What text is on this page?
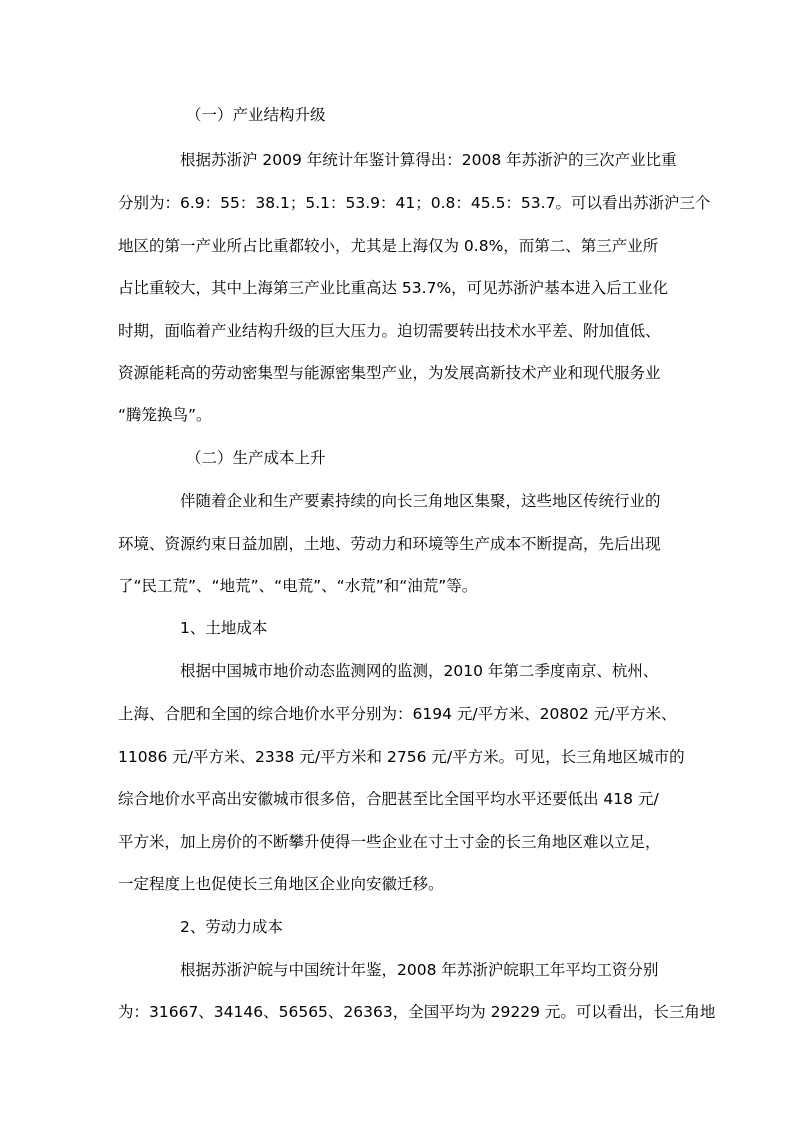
（一）产业结构升级
根据苏浙沪 2009 年统计年鉴计算得出：2008 年苏浙沪的三次产业比重
分别为：6.9：55：38.1；5.1：53.9：41；0.8：45.5：53.7。可以看出苏浙沪三个
地区的第一产业所占比重都较小，尤其是上海仅为 0.8%，而第二、第三产业所
占比重较大，其中上海第三产业比重高达 53.7%，可见苏浙沪基本进入后工业化
时期，面临着产业结构升级的巨大压力。迫切需要转出技术水平差、附加值低、
资源能耗高的劳动密集型与能源密集型产业，为发展高新技术产业和现代服务业
“腾笼换鸟”。
（二）生产成本上升
伴随着企业和生产要素持续的向长三角地区集聚，这些地区传统行业的
环境、资源约束日益加剧，土地、劳动力和环境等生产成本不断提高，先后出现
了“民工荒”、“地荒”、“电荒”、“水荒”和“油荒”等。
1、土地成本
根据中国城市地价动态监测网的监测，2010 年第二季度南京、杭州、
上海、合肥和全国的综合地价水平分别为：6194 元/平方米、20802 元/平方米、
11086 元/平方米、2338 元/平方米和 2756 元/平方米。可见，长三角地区城市的
综合地价水平高出安徽城市很多倍，合肥甚至比全国平均水平还要低出 418 元/
平方米，加上房价的不断攀升使得一些企业在寸土寸金的长三角地区难以立足，
一定程度上也促使长三角地区企业向安徽迁移。
2、劳动力成本
根据苏浙沪皖与中国统计年鉴，2008 年苏浙沪皖职工年平均工资分别
为：31667、34146、56565、26363，全国平均为 29229 元。可以看出，长三角地
